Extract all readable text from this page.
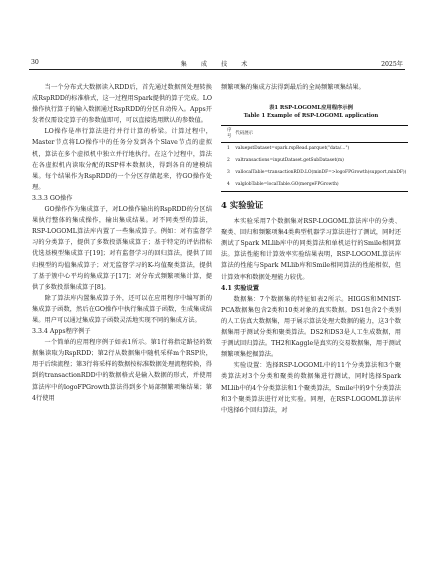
30	集 成 技 术	2025年

当一个分布式大数据读入RDD后，首先通过数据预处理转换成RspRDD的标准格式，这一过程用Spark提供的算子完成。LO操作执行算子的输入数据通过RspRDD的分区自动传入。Apps开发者仅需设定算子的参数值即可，可以直接选用默认的参数值。

LO操作是串行算法进行并行计算的桥梁。计算过程中，Master节点将LO操作中的任务分发到各个Slave节点的虚拟机，算法在多个虚拟机中独立并行地执行。在这个过程中，算法在各虚拟机内读取分配的RSP样本数据块，得到各自的建模结果。每个结果作为RspRDD的一个分区存储起来，待GO操作处理。

3.3.3 GO操作

GO操作作为集成算子，对LO操作输出的RspRDD的分区结果执行整体的集成操作，输出集成结果。对不同类型的算法，RSP-LOGOML算法库内置了一些集成算子。例如：对有监督学习的分类算子，提供了多数投票集成算子；基于特定的评估指标优选基模型集成算子[19]；对有监督学习的回归算法，提供了回归模型的均值集成算子；对无监督学习的K-均值聚类算法，提供了基于簇中心平均的集成算子[17]；对分布式频繁项集计算，提供了多数投票集成算子[8]。

除了算法库内置集成算子外，还可以在应用程序中编写新的集成算子函数，然后在GO操作中执行集成算子函数，生成集成结果。用户可以通过集成算子函数灵活地实现不同的集成方法。

3.3.4 Apps程序例子

一个简单的应用程序例子如表1所示。第1行将指定路径的数据集读取为RspRDD；第2行从数据集中随机采样m个RSP块，用于后续流程；第3行将采样的数据按标准数据处理流程转换，得到的transactionRDD中的数据格式是输入数据的形式，并使用算法库中的logoFPGrowth算法得到多个局部频繁项集结果；第4行使用

频繁项集的集成方法得到最后的全局频繁项集结果。

表1 RSP-LOGOML应用程序示例
Table 1 Example of RSP-LOGOML application
序号	代码展示
1	valuepstDataset=spark.rspRead.parquet("data/...")
2	valtransactions=inputDataset.getSubDataset(m)
3	vallocalTable=transactionRDD.LO(minDF=>logoFPGrowth(support,minDF))
4	valglobTable=localTable.GO(mergeFPGrowth)
4 实验验证

本实验采用7个数据集对RSP-LOGOML算法库中的分类、聚类、回归和频繁项集4类典型机器学习算法进行了测试，同时还测试了Spark MLlib库中的同类算法和单机运行的Smile相同算法。算法性能和计算效率实验结果表明，RSP-LOGOML算法库算法的性能与Spark MLlib库和Smile相同算法的性能相似，但计算效率和数据处理能力较优。

4.1 实验设置

数据集：7个数据集的特征如表2所示。HIGGS和MNIST-PCA数据集包含2类和10类对象的真实数据。DS1包含2个类别的人工仿真大数据集，用于展示算法处理大数据的能力，这3个数据集用于测试分类和聚类算法。DS2和DS3是人工生成数据，用于测试回归算法。TH2和Kaggle是真实的交易数据集，用于测试频繁项集挖掘算法。

实验设置：选择RSP-LOGOML中的11个分类算法和3个聚类算法对3个分类和聚类的数据集进行测试，同时选择Spark MLlib中的4个分类算法和1个聚类算法，Smile中的9个分类算法和3个聚类算法进行对比实验。同理，在RSP-LOGOML算法库中选择6个回归算法，对
